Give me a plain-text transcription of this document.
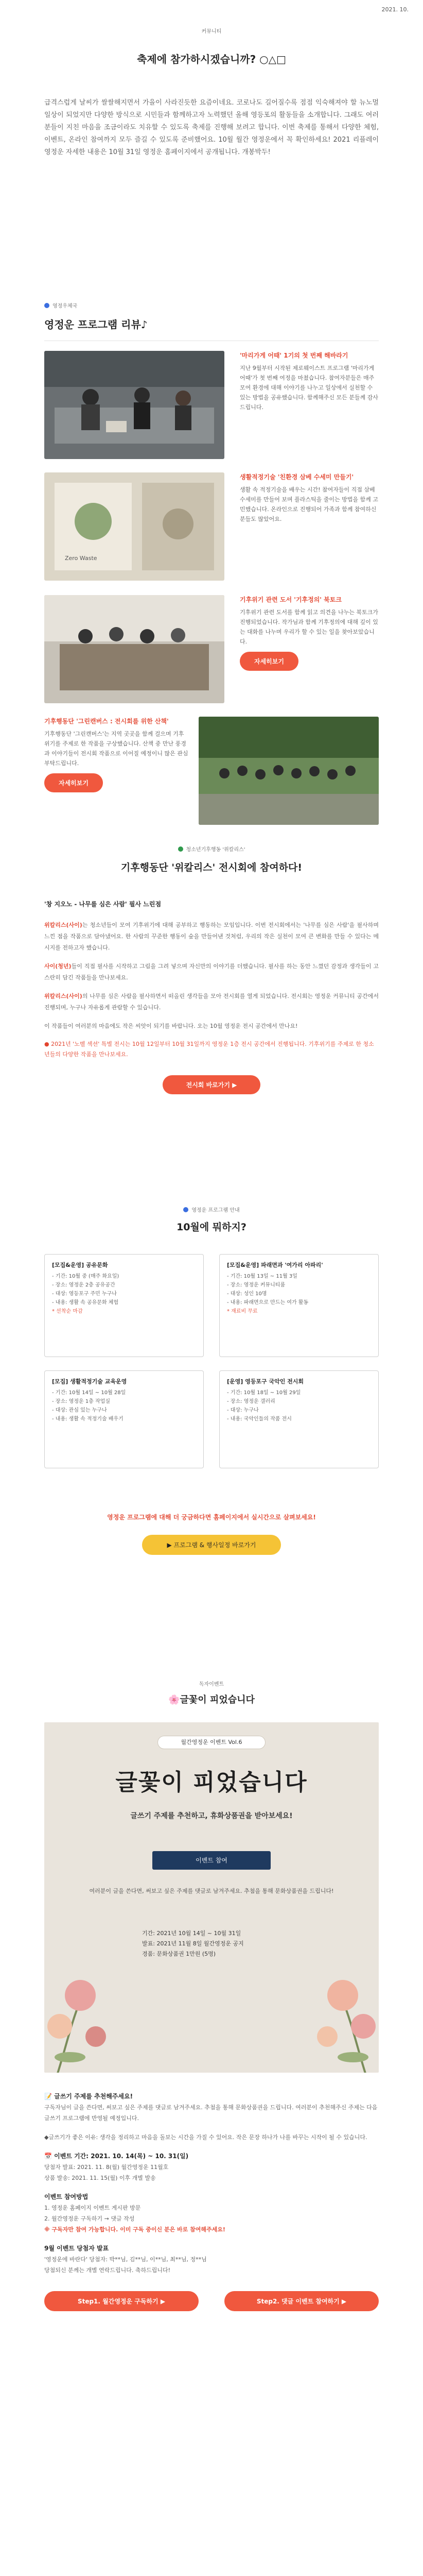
2021. 10.
커뮤니티
축제에 참가하시겠습니까? ○△□
급격스럽게 날씨가 쌀쌀해지면서 가을이 사라진듯한 요즘이네요. 코로나도 길어질수록 점점 익숙해져야 할 뉴노멀 일상이 되었지만 다양한 방식으로 시민들과 함께하고자 노력했던 올해 영등포의 활동들을 소개합니다. 그래도 여러분들이 지친 마음을 조금이라도 치유할 수 있도록 축제를 진행해 보려고 합니다. 이번 축제를 통해서 다양한 체험, 이벤트, 온라인 참여까지 모두 즐길 수 있도록 준비했어요. 10월 월간 영정운에서 꼭 확인하세요! 2021 리플레이 영정운 자세한 내용은 10월 31일 영정운 홈페이지에서 공개됩니다. 개봉박두!
영정우체국
영정운 프로그램 리뷰♪
'마리가게 어때' 1기의 첫 번째 해바라기
지난 9월부터 시작된 제로웨이스트 프로그램 '마리가게 어때'가 첫 번째 여정을 마쳤습니다. 참여자분들은 매주 모여 환경에 대해 이야기를 나누고 일상에서 실천할 수 있는 방법을 공유했습니다. 함께해주신 모든 분들께 감사드립니다.
Zero Waste
생활적정기술 '친환경 삼베 수세미 만들기'
생활 속 적정기술을 배우는 시간! 참여자들이 직접 삼베 수세미를 만들어 보며 플라스틱을 줄이는 방법을 함께 고민했습니다. 온라인으로 진행되어 가족과 함께 참여하신 분들도 많았어요.
기후위기 관련 도서 '기후정의' 북토크
기후위기 관련 도서를 함께 읽고 의견을 나누는 북토크가 진행되었습니다. 작가님과 함께 기후정의에 대해 깊이 있는 대화를 나누며 우리가 할 수 있는 일을 찾아보았습니다.
자세히보기
기후행동단 '그린캔버스 : 전시회를 위한 산책'
기후행동단 '그린캔버스'는 지역 곳곳을 함께 걸으며 기후위기를 주제로 한 작품을 구상했습니다. 산책 중 만난 풍경과 이야기들이 전시회 작품으로 이어질 예정이니 많은 관심 부탁드립니다.
자세히보기
청소년기후행동 '위칼리스'
기후행동단 '위칼리스' 전시회에 참여하다!
'창 지오노 - 나무를 심은 사람' 필사 느린점

위칼리스(사이)는 청소년들이 모여 기후위기에 대해 공부하고 행동하는 모임입니다. 이번 전시회에서는 '나무를 심은 사람'을 필사하며 느낀 점을 작품으로 담아냈어요. 한 사람의 꾸준한 행동이 숲을 만들어낸 것처럼, 우리의 작은 실천이 모여 큰 변화를 만들 수 있다는 메시지를 전하고자 했습니다.

사이(청년)들이 직접 필사를 시작하고 그림을 그려 넣으며 자신만의 이야기를 더했습니다. 필사를 하는 동안 느꼈던 감정과 생각들이 고스란히 담긴 작품들을 만나보세요.

위칼리스(사이)의 나무를 심은 사람을 필사하면서 떠올린 생각들을 모아 전시회를 열게 되었습니다. 전시회는 영정운 커뮤니티 공간에서 진행되며, 누구나 자유롭게 관람할 수 있습니다.

이 작품들이 여러분의 마음에도 작은 씨앗이 되기를 바랍니다. 오는 10월 영정운 전시 공간에서 만나요!

● 2021년 '노벨 섹션' 특별 전시는 10월 12일부터 10월 31일까지 영정운 1층 전시 공간에서 진행됩니다. 기후위기를 주제로 한 청소년들의 다양한 작품을 만나보세요.
전시회 바로가기 ▶
영정운 프로그램 안내
10월에 뭐하지?
[모집&운영] 공유문화
- 기간: 10월 중 (매주 화요일)
- 장소: 영정운 2층 공유공간
- 대상: 영등포구 주민 누구나
- 내용: 생활 속 공유문화 체험
* 선착순 마감
[모집&운영] 파래면과 '여가리 아파리'
- 기간: 10월 13일 ~ 11월 3일
- 장소: 영정운 커뮤니티룸
- 대상: 성인 10명
- 내용: 파래면으로 만드는 여가 활동
* 재료비 무료
[모집] 생활적정기술 교육운영
- 기간: 10월 14일 ~ 10월 28일
- 장소: 영정운 1층 작업실
- 대상: 관심 있는 누구나
- 내용: 생활 속 적정기술 배우기
[운영] 영등포구 국악인 전시회
- 기간: 10월 18일 ~ 10월 29일
- 장소: 영정운 갤러리
- 대상: 누구나
- 내용: 국악인들의 작품 전시
영정운 프로그램에 대해 더 궁금하다면 홈페이지에서 실시간으로 살펴보세요!
▶ 프로그램 & 행사일정 바로가기
독자이벤트
🌸글꽃이 피었습니다
월간영정운 이벤트 Vol.6
글꽃이 피었습니다
글쓰기 주제를 추천하고, 휴화상품권을 받아보세요!
이벤트 참여
여러분이 글을 쓴다면, 써보고 싶은 주제를 댓글로 남겨주세요. 추첨을 통해 문화상품권을 드립니다!
기간: 2021년 10월 14일 ~ 10월 31일
발표: 2021년 11월 8일 월간영정운 공지
경품: 문화상품권 1만원 (5명)
📝 글쓰기 주제를 추천해주세요!
구독자님이 글을 쓴다면, 써보고 싶은 주제를 댓글로 남겨주세요. 추첨을 통해 문화상품권을 드립니다. 여러분이 추천해주신 주제는 다음 글쓰기 프로그램에 반영될 예정입니다.
◆글쓰기가 좋은 이유: 생각을 정리하고 마음을 돌보는 시간을 가질 수 있어요. 작은 문장 하나가 나를 바꾸는 시작이 될 수 있습니다.
📅 이벤트 기간: 2021. 10. 14(목) ~ 10. 31(일)
당첨자 발표: 2021. 11. 8(월) 월간영정운 11월호
상품 발송: 2021. 11. 15(월) 이후 개별 발송
이벤트 참여방법
1. 영정운 홈페이지 이벤트 게시판 방문
2. 월간영정운 구독하기 → 댓글 작성
※ 구독자만 참여 가능합니다. 이미 구독 중이신 분은 바로 참여해주세요!
9월 이벤트 당첨자 발표
'영정운에 바란다' 당첨자: 박**님, 김**님, 이**님, 최**님, 정**님
당첨되신 분께는 개별 연락드립니다. 축하드립니다!
Step1. 월간영정운 구독하기 ▶	Step2. 댓글 이벤트 참여하기 ▶
